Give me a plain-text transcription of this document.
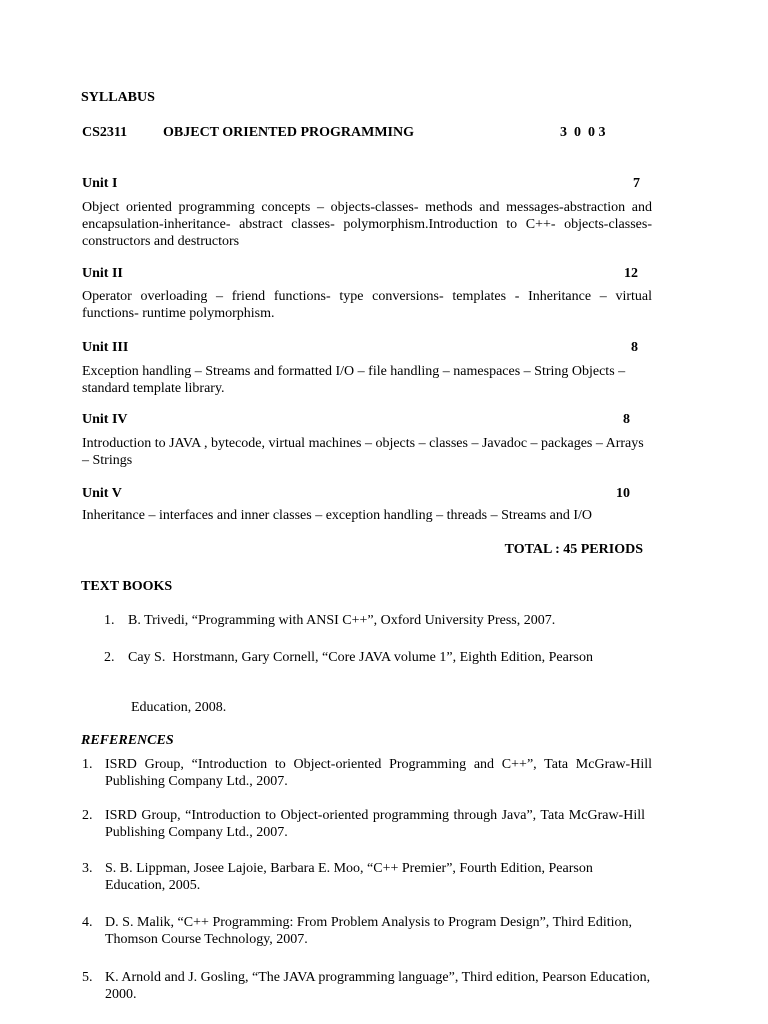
SYLLABUS
CS2311	OBJECT ORIENTED PROGRAMMING	3  0  0 3
Unit I	7
Object oriented programming concepts – objects-classes- methods and messages-abstraction and encapsulation-inheritance- abstract classes- polymorphism.Introduction to C++- objects-classes-constructors and destructors
Unit II	12
Operator overloading – friend functions- type conversions- templates - Inheritance – virtual functions- runtime polymorphism.
Unit III	8
Exception handling – Streams and formatted I/O – file handling – namespaces – String Objects – standard template library.
Unit IV	8
Introduction to JAVA , bytecode, virtual machines – objects – classes – Javadoc – packages – Arrays – Strings
Unit V	10
Inheritance – interfaces and inner classes – exception handling – threads – Streams and I/O
TOTAL : 45 PERIODS
TEXT BOOKS
1. B. Trivedi, “Programming with ANSI C++”, Oxford University Press, 2007.
2. Cay S.  Horstmann, Gary Cornell, “Core JAVA volume 1”, Eighth Edition, Pearson
Education, 2008.
REFERENCES
1. ISRD Group, “Introduction to Object-oriented Programming and C++”, Tata McGraw-Hill Publishing Company Ltd., 2007.
2. ISRD Group, “Introduction to Object-oriented programming through Java”, Tata McGraw-Hill Publishing Company Ltd., 2007.
3. S. B. Lippman, Josee Lajoie, Barbara E. Moo, “C++ Premier”, Fourth Edition, Pearson Education, 2005.
4. D. S. Malik, “C++ Programming: From Problem Analysis to Program Design”, Third Edition, Thomson Course Technology, 2007.
5. K. Arnold and J. Gosling, “The JAVA programming language”, Third edition, Pearson Education, 2000.
